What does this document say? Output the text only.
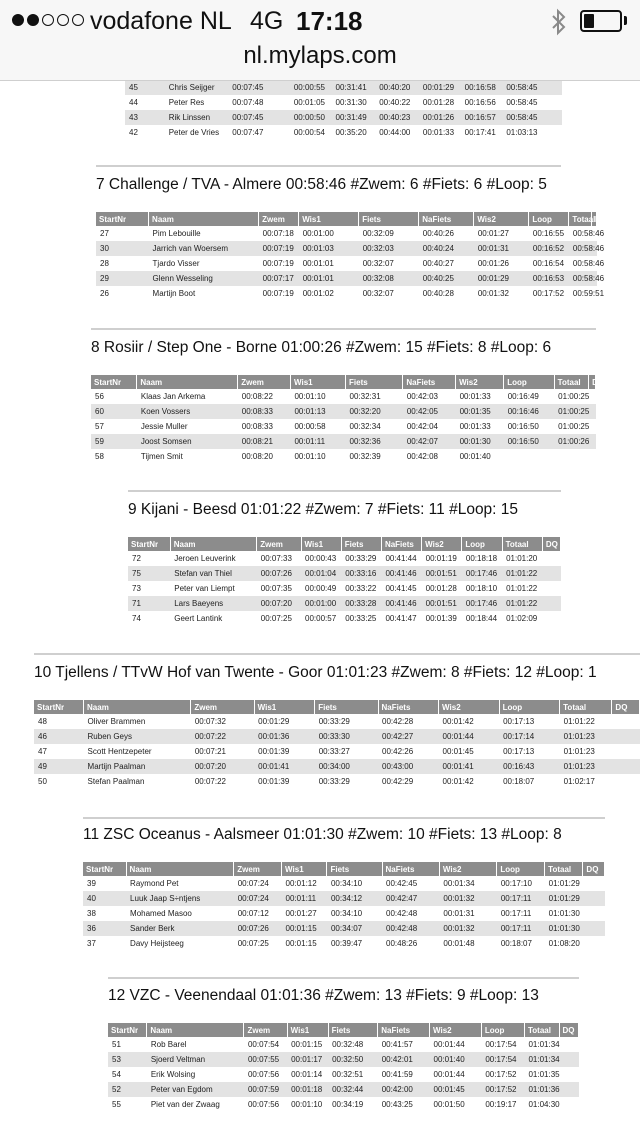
vodafone NL 4G 17:18
nl.mylaps.com
45	Chris Seijger	00:07:45	00:00:55	00:31:41	00:40:20	00:01:29	00:16:58	00:58:45	
44	Peter Res	00:07:48	00:01:05	00:31:30	00:40:22	00:01:28	00:16:56	00:58:45	
43	Rik Linssen	00:07:45	00:00:50	00:31:49	00:40:23	00:01:26	00:16:57	00:58:45	
42	Peter de Vries	00:07:47	00:00:54	00:35:20	00:44:00	00:01:33	00:17:41	01:03:13	
7 Challenge / TVA - Almere 00:58:46 #Zwem: 6 #Fiets: 6 #Loop: 5
StartNr	Naam	Zwem	Wis1	Fiets	NaFiets	Wis2	Loop	Totaal	DQ
27	Pim Lebouille	00:07:18	00:01:00	00:32:09	00:40:26	00:01:27	00:16:55	00:58:46	
30	Jarrich van Woersem	00:07:19	00:01:03	00:32:03	00:40:24	00:01:31	00:16:52	00:58:46	
28	Tjardo Visser	00:07:19	00:01:01	00:32:07	00:40:27	00:01:26	00:16:54	00:58:46	
29	Glenn Wesseling	00:07:17	00:01:01	00:32:08	00:40:25	00:01:29	00:16:53	00:58:46	
26	Martijn Boot	00:07:19	00:01:02	00:32:07	00:40:28	00:01:32	00:17:52	00:59:51	
8 Rosiir / Step One - Borne 01:00:26 #Zwem: 15 #Fiets: 8 #Loop: 6
StartNr	Naam	Zwem	Wis1	Fiets	NaFiets	Wis2	Loop	Totaal	DQ
56	Klaas Jan Arkema	00:08:22	00:01:10	00:32:31	00:42:03	00:01:33	00:16:49	01:00:25	
60	Koen Vossers	00:08:33	00:01:13	00:32:20	00:42:05	00:01:35	00:16:46	01:00:25	
57	Jessie Muller	00:08:33	00:00:58	00:32:34	00:42:04	00:01:33	00:16:50	01:00:25	
59	Joost Somsen	00:08:21	00:01:11	00:32:36	00:42:07	00:01:30	00:16:50	01:00:26	
58	Tijmen Smit	00:08:20	00:01:10	00:32:39	00:42:08	00:01:40			
9 Kijani - Beesd 01:01:22 #Zwem: 7 #Fiets: 11 #Loop: 15
StartNr	Naam	Zwem	Wis1	Fiets	NaFiets	Wis2	Loop	Totaal	DQ
72	Jeroen Leuverink	00:07:33	00:00:43	00:33:29	00:41:44	00:01:19	00:18:18	01:01:20	
75	Stefan van Thiel	00:07:26	00:01:04	00:33:16	00:41:46	00:01:51	00:17:46	01:01:22	
73	Peter van Liempt	00:07:35	00:00:49	00:33:22	00:41:45	00:01:28	00:18:10	01:01:22	
71	Lars Baeyens	00:07:20	00:01:00	00:33:28	00:41:46	00:01:51	00:17:46	01:01:22	
74	Geert Lantink	00:07:25	00:00:57	00:33:25	00:41:47	00:01:39	00:18:44	01:02:09	
10 Tjellens / TTvW Hof van Twente - Goor 01:01:23 #Zwem: 8 #Fiets: 12 #Loop: 1
StartNr	Naam	Zwem	Wis1	Fiets	NaFiets	Wis2	Loop	Totaal	DQ
48	Oliver Brammen	00:07:32	00:01:29	00:33:29	00:42:28	00:01:42	00:17:13	01:01:22	
46	Ruben Geys	00:07:22	00:01:36	00:33:30	00:42:27	00:01:44	00:17:14	01:01:23	
47	Scott Hentzepeter	00:07:21	00:01:39	00:33:27	00:42:26	00:01:45	00:17:13	01:01:23	
49	Martijn Paalman	00:07:20	00:01:41	00:34:00	00:43:00	00:01:41	00:16:43	01:01:23	
50	Stefan Paalman	00:07:22	00:01:39	00:33:29	00:42:29	00:01:42	00:18:07	01:02:17	
11 ZSC Oceanus - Aalsmeer 01:01:30 #Zwem: 10 #Fiets: 13 #Loop: 8
StartNr	Naam	Zwem	Wis1	Fiets	NaFiets	Wis2	Loop	Totaal	DQ
39	Raymond Pet	00:07:24	00:01:12	00:34:10	00:42:45	00:01:34	00:17:10	01:01:29	
40	Luuk Jaap S÷ntjens	00:07:24	00:01:11	00:34:12	00:42:47	00:01:32	00:17:11	01:01:29	
38	Mohamed Masoo	00:07:12	00:01:27	00:34:10	00:42:48	00:01:31	00:17:11	01:01:30	
36	Sander Berk	00:07:26	00:01:15	00:34:07	00:42:48	00:01:32	00:17:11	01:01:30	
37	Davy Heijsteeg	00:07:25	00:01:15	00:39:47	00:48:26	00:01:48	00:18:07	01:08:20	
12 VZC - Veenendaal 01:01:36 #Zwem: 13 #Fiets: 9 #Loop: 13
StartNr	Naam	Zwem	Wis1	Fiets	NaFiets	Wis2	Loop	Totaal	DQ
51	Rob Barel	00:07:54	00:01:15	00:32:48	00:41:57	00:01:44	00:17:54	01:01:34	
53	Sjoerd Veltman	00:07:55	00:01:17	00:32:50	00:42:01	00:01:40	00:17:54	01:01:34	
54	Erik Wolsing	00:07:56	00:01:14	00:32:51	00:41:59	00:01:44	00:17:52	01:01:35	
52	Peter van Egdom	00:07:59	00:01:18	00:32:44	00:42:00	00:01:45	00:17:52	01:01:36	
55	Piet van der Zwaag	00:07:56	00:01:10	00:34:19	00:43:25	00:01:50	00:19:17	01:04:30	
